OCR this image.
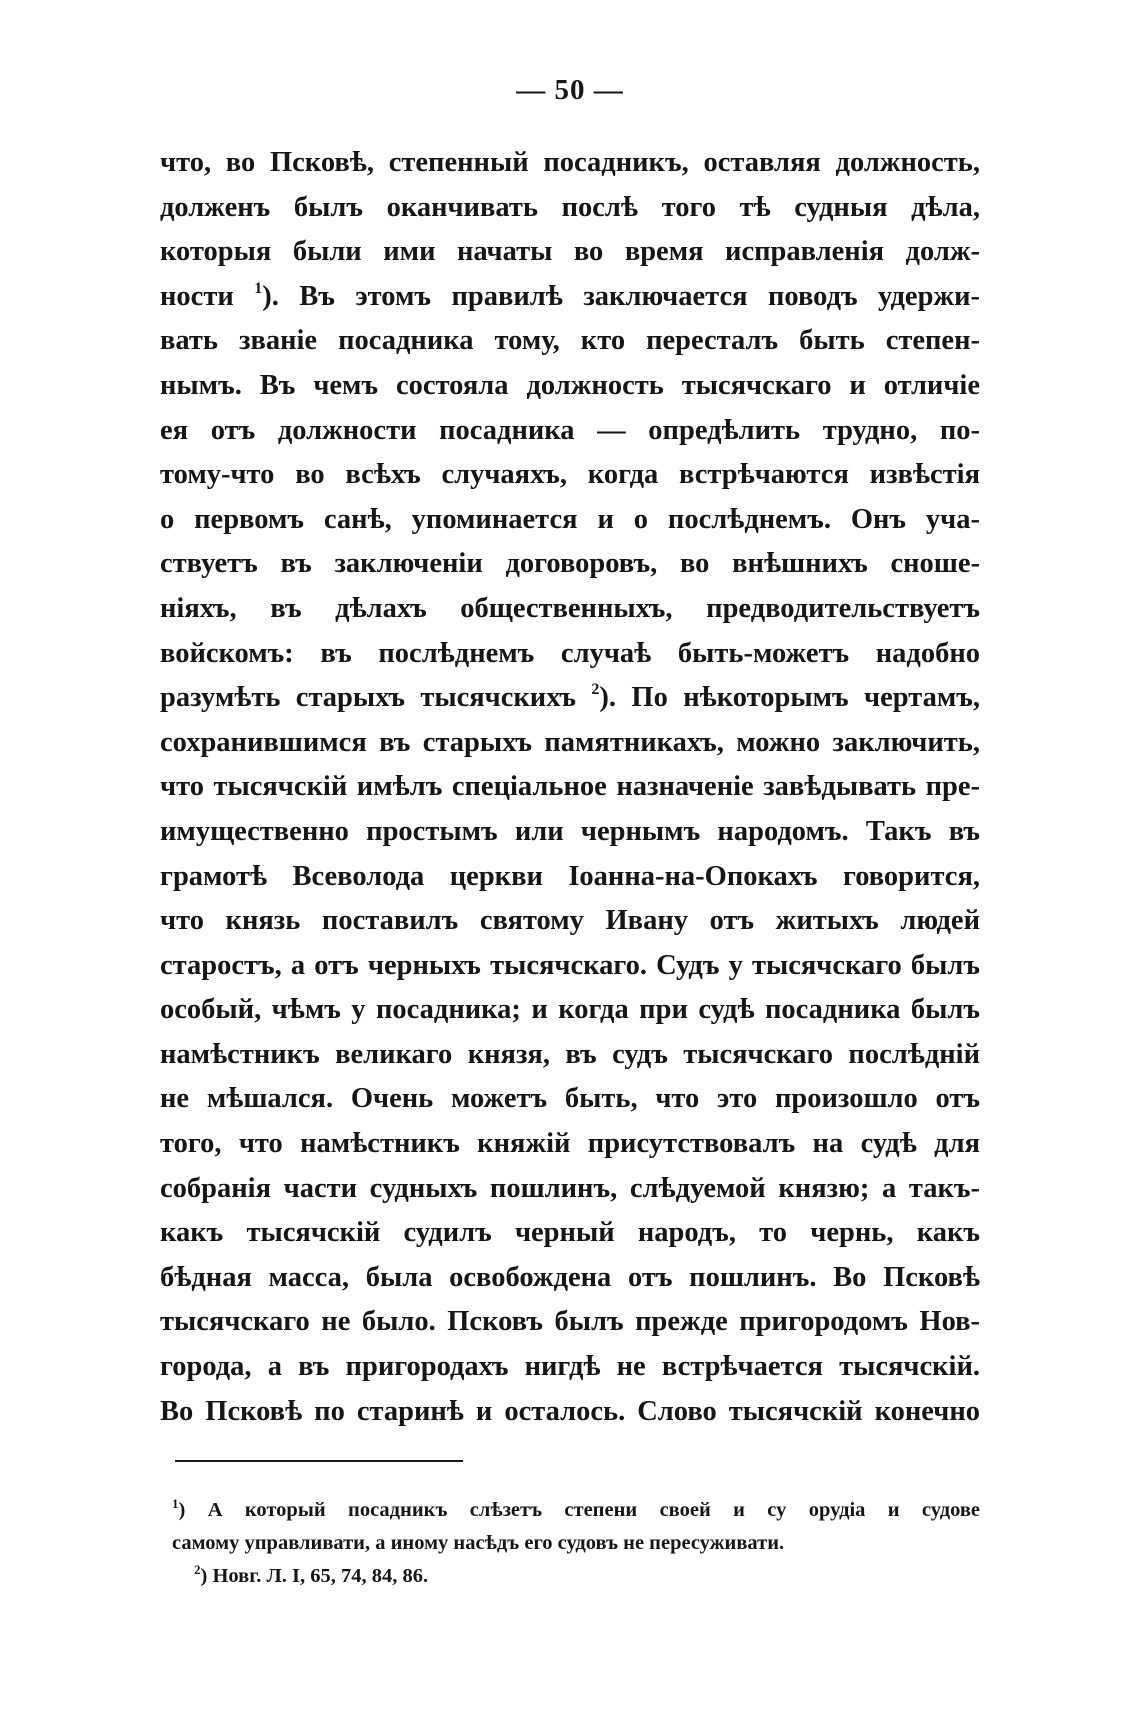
— 50 —
что, во Псковѣ, степенный посадникъ, оставляя должность,
долженъ былъ оканчивать послѣ того тѣ судныя дѣла,
которыя были ими начаты во время исправленія долж-
ности $^1$). Въ этомъ правилѣ заключается поводъ удержи-
вать званіе посадника тому, кто пересталъ быть степен-
нымъ. Въ чемъ состояла должность тысячскаго и отличіе
ея отъ должности посадника — опредѣлить трудно, по-
тому-что во всѣхъ случаяхъ, когда встрѣчаются извѣстія
о первомъ санѣ, упоминается и о послѣднемъ. Онъ уча-
ствуетъ въ заключеніи договоровъ, во внѣшнихъ сноше-
ніяхъ, въ дѣлахъ общественныхъ, предводительствуетъ
войскомъ: въ послѣднемъ случаѣ быть-можетъ надобно
разумѣть старыхъ тысячскихъ $^2$). По нѣкоторымъ чертамъ,
сохранившимся въ старыхъ памятникахъ, можно заключить,
что тысячскій имѣлъ спеціальное назначеніе завѣдывать пре-
имущественно простымъ или чернымъ народомъ. Такъ въ
грамотѣ Всеволода церкви Іоанна-на-Опокахъ говорится,
что князь поставилъ святому Ивану отъ житыхъ людей
старостъ, а отъ черныхъ тысячскаго. Судъ у тысячскаго былъ
особый, чѣмъ у посадника; и когда при судѣ посадника былъ
намѣстникъ великаго князя, въ судъ тысячскаго послѣдній
не мѣшался. Очень можетъ быть, что это произошло отъ
того, что намѣстникъ княжій присутствовалъ на судѣ для
собранія части судныхъ пошлинъ, слѣдуемой князю; а такъ-
какъ тысячскій судилъ черный народъ, то чернь, какъ
бѣдная масса, была освобождена отъ пошлинъ. Во Псковѣ
тысячскаго не было. Псковъ былъ прежде пригородомъ Нов-
города, а въ пригородахъ нигдѣ не встрѣчается тысячскій.
Во Псковѣ по старинѣ и осталось. Слово тысячскій конечно
$^1$) А который посадникъ слѣзетъ степени своей и су орудіа и судове
самому управливати, а иному насѣдъ его судовъ не пересуживати.
$^2$) Новг. Л. I, 65, 74, 84, 86.
